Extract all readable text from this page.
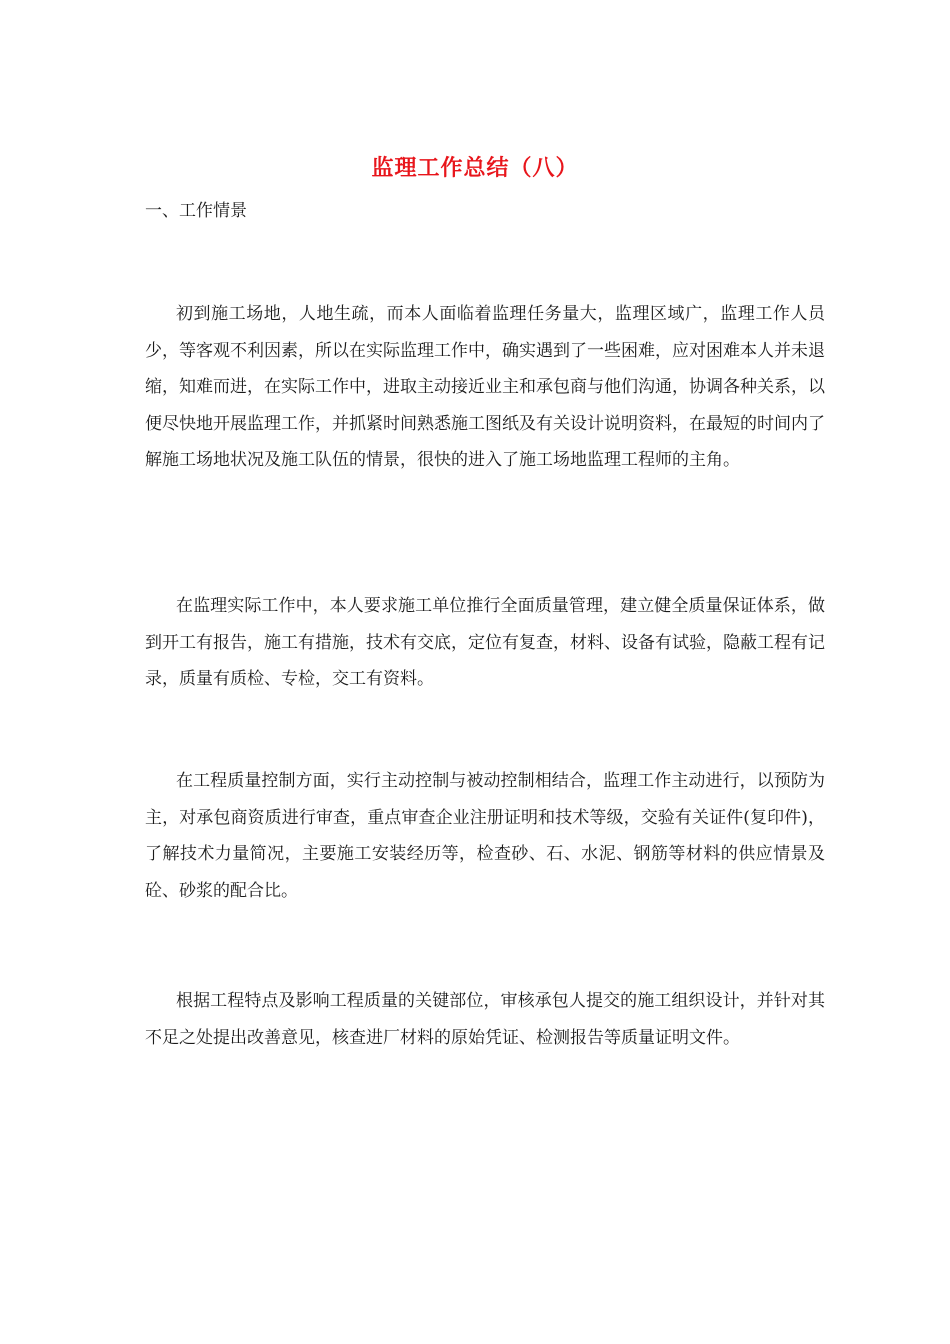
监理工作总结（八）

一、工作情景

初到施工场地，人地生疏，而本人面临着监理任务量大，监理区域广，监理工作人员少，等客观不利因素，所以在实际监理工作中，确实遇到了一些困难，应对困难本人并未退缩，知难而进，在实际工作中，进取主动接近业主和承包商与他们沟通，协调各种关系，以便尽快地开展监理工作，并抓紧时间熟悉施工图纸及有关设计说明资料，在最短的时间内了解施工场地状况及施工队伍的情景，很快的进入了施工场地监理工程师的主角。

在监理实际工作中，本人要求施工单位推行全面质量管理，建立健全质量保证体系，做到开工有报告，施工有措施，技术有交底，定位有复查，材料、设备有试验，隐蔽工程有记录，质量有质检、专检，交工有资料。

在工程质量控制方面，实行主动控制与被动控制相结合，监理工作主动进行，以预防为主，对承包商资质进行审查，重点审查企业注册证明和技术等级，交验有关证件(复印件)，了解技术力量简况，主要施工安装经历等，检查砂、石、水泥、钢筋等材料的供应情景及砼、砂浆的配合比。

根据工程特点及影响工程质量的关键部位，审核承包人提交的施工组织设计，并针对其不足之处提出改善意见，核查进厂材料的原始凭证、检测报告等质量证明文件。
